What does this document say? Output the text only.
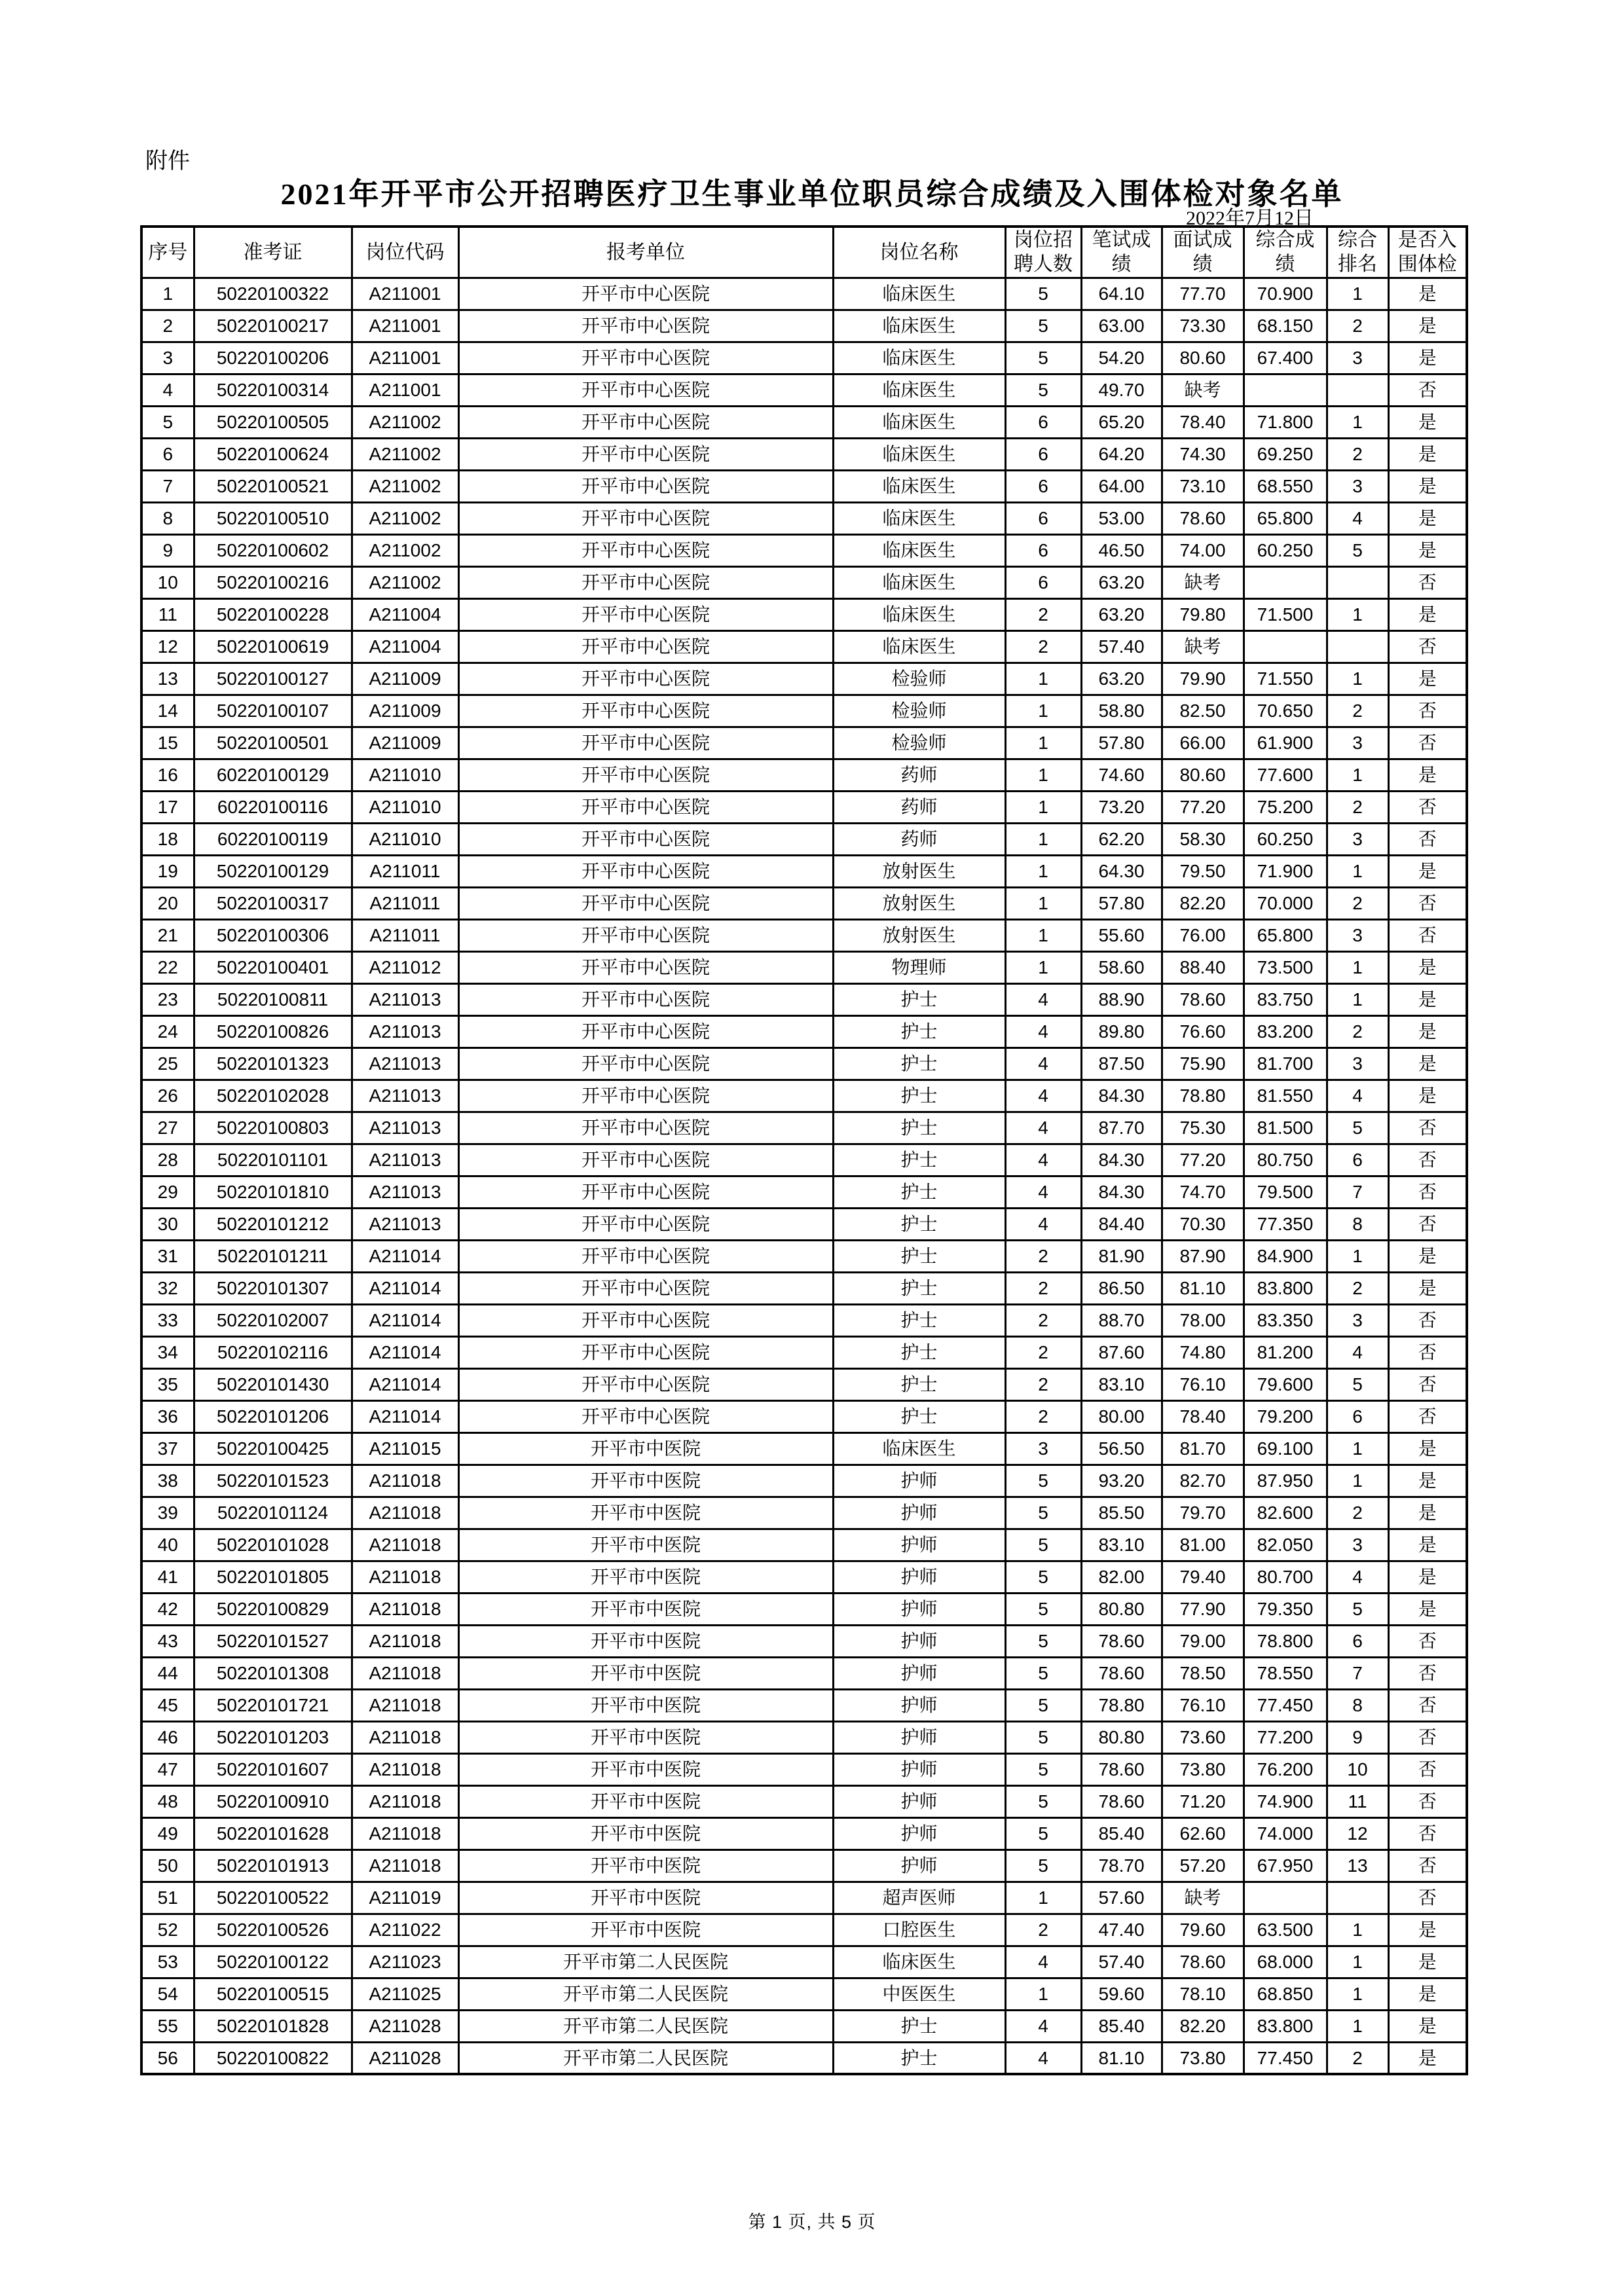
附件
2021年开平市公开招聘医疗卫生事业单位职员综合成绩及入围体检对象名单
2022年7月12日
序号	准考证	岗位代码	报考单位	岗位名称	岗位招聘人数	笔试成绩	面试成绩	综合成绩	综合排名	是否入围体检
1	50220100322	A211001	开平市中心医院	临床医生	5	64.10	77.70	70.900	1	是
2	50220100217	A211001	开平市中心医院	临床医生	5	63.00	73.30	68.150	2	是
3	50220100206	A211001	开平市中心医院	临床医生	5	54.20	80.60	67.400	3	是
4	50220100314	A211001	开平市中心医院	临床医生	5	49.70	缺考			否
5	50220100505	A211002	开平市中心医院	临床医生	6	65.20	78.40	71.800	1	是
6	50220100624	A211002	开平市中心医院	临床医生	6	64.20	74.30	69.250	2	是
7	50220100521	A211002	开平市中心医院	临床医生	6	64.00	73.10	68.550	3	是
8	50220100510	A211002	开平市中心医院	临床医生	6	53.00	78.60	65.800	4	是
9	50220100602	A211002	开平市中心医院	临床医生	6	46.50	74.00	60.250	5	是
10	50220100216	A211002	开平市中心医院	临床医生	6	63.20	缺考			否
11	50220100228	A211004	开平市中心医院	临床医生	2	63.20	79.80	71.500	1	是
12	50220100619	A211004	开平市中心医院	临床医生	2	57.40	缺考			否
13	50220100127	A211009	开平市中心医院	检验师	1	63.20	79.90	71.550	1	是
14	50220100107	A211009	开平市中心医院	检验师	1	58.80	82.50	70.650	2	否
15	50220100501	A211009	开平市中心医院	检验师	1	57.80	66.00	61.900	3	否
16	60220100129	A211010	开平市中心医院	药师	1	74.60	80.60	77.600	1	是
17	60220100116	A211010	开平市中心医院	药师	1	73.20	77.20	75.200	2	否
18	60220100119	A211010	开平市中心医院	药师	1	62.20	58.30	60.250	3	否
19	50220100129	A211011	开平市中心医院	放射医生	1	64.30	79.50	71.900	1	是
20	50220100317	A211011	开平市中心医院	放射医生	1	57.80	82.20	70.000	2	否
21	50220100306	A211011	开平市中心医院	放射医生	1	55.60	76.00	65.800	3	否
22	50220100401	A211012	开平市中心医院	物理师	1	58.60	88.40	73.500	1	是
23	50220100811	A211013	开平市中心医院	护士	4	88.90	78.60	83.750	1	是
24	50220100826	A211013	开平市中心医院	护士	4	89.80	76.60	83.200	2	是
25	50220101323	A211013	开平市中心医院	护士	4	87.50	75.90	81.700	3	是
26	50220102028	A211013	开平市中心医院	护士	4	84.30	78.80	81.550	4	是
27	50220100803	A211013	开平市中心医院	护士	4	87.70	75.30	81.500	5	否
28	50220101101	A211013	开平市中心医院	护士	4	84.30	77.20	80.750	6	否
29	50220101810	A211013	开平市中心医院	护士	4	84.30	74.70	79.500	7	否
30	50220101212	A211013	开平市中心医院	护士	4	84.40	70.30	77.350	8	否
31	50220101211	A211014	开平市中心医院	护士	2	81.90	87.90	84.900	1	是
32	50220101307	A211014	开平市中心医院	护士	2	86.50	81.10	83.800	2	是
33	50220102007	A211014	开平市中心医院	护士	2	88.70	78.00	83.350	3	否
34	50220102116	A211014	开平市中心医院	护士	2	87.60	74.80	81.200	4	否
35	50220101430	A211014	开平市中心医院	护士	2	83.10	76.10	79.600	5	否
36	50220101206	A211014	开平市中心医院	护士	2	80.00	78.40	79.200	6	否
37	50220100425	A211015	开平市中医院	临床医生	3	56.50	81.70	69.100	1	是
38	50220101523	A211018	开平市中医院	护师	5	93.20	82.70	87.950	1	是
39	50220101124	A211018	开平市中医院	护师	5	85.50	79.70	82.600	2	是
40	50220101028	A211018	开平市中医院	护师	5	83.10	81.00	82.050	3	是
41	50220101805	A211018	开平市中医院	护师	5	82.00	79.40	80.700	4	是
42	50220100829	A211018	开平市中医院	护师	5	80.80	77.90	79.350	5	是
43	50220101527	A211018	开平市中医院	护师	5	78.60	79.00	78.800	6	否
44	50220101308	A211018	开平市中医院	护师	5	78.60	78.50	78.550	7	否
45	50220101721	A211018	开平市中医院	护师	5	78.80	76.10	77.450	8	否
46	50220101203	A211018	开平市中医院	护师	5	80.80	73.60	77.200	9	否
47	50220101607	A211018	开平市中医院	护师	5	78.60	73.80	76.200	10	否
48	50220100910	A211018	开平市中医院	护师	5	78.60	71.20	74.900	11	否
49	50220101628	A211018	开平市中医院	护师	5	85.40	62.60	74.000	12	否
50	50220101913	A211018	开平市中医院	护师	5	78.70	57.20	67.950	13	否
51	50220100522	A211019	开平市中医院	超声医师	1	57.60	缺考			否
52	50220100526	A211022	开平市中医院	口腔医生	2	47.40	79.60	63.500	1	是
53	50220100122	A211023	开平市第二人民医院	临床医生	4	57.40	78.60	68.000	1	是
54	50220100515	A211025	开平市第二人民医院	中医医生	1	59.60	78.10	68.850	1	是
55	50220101828	A211028	开平市第二人民医院	护士	4	85.40	82.20	83.800	1	是
56	50220100822	A211028	开平市第二人民医院	护士	4	81.10	73.80	77.450	2	是
第 1 页, 共 5 页
